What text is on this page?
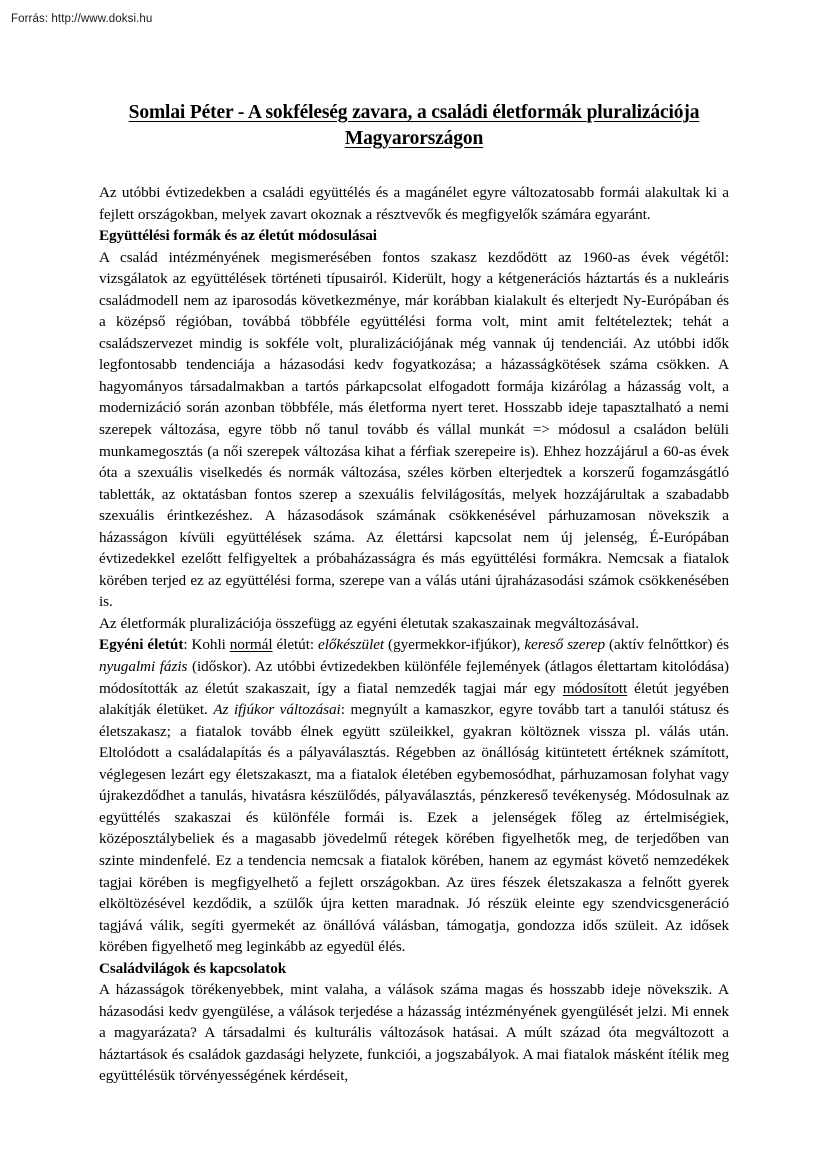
Forrás: http://www.doksi.hu
Somlai Péter - A sokféleség zavara, a családi életformák pluralizációja Magyarországon

Az utóbbi évtizedekben a családi együttélés és a magánélet egyre változatosabb formái alakultak ki a fejlett országokban, melyek zavart okoznak a résztvevők és megfigyelők számára egyaránt.

Együttélési formák és az életút módosulásai

A család intézményének megismerésében fontos szakasz kezdődött az 1960-as évek végétől: vizsgálatok az együttélések történeti típusairól. Kiderült, hogy a kétgenerációs háztartás és a nukleáris családmodell nem az iparosodás következménye, már korábban kialakult és elterjedt Ny-Európában és a középső régióban, továbbá többféle együttélési forma volt, mint amit feltételeztek; tehát a családszervezet mindig is sokféle volt, pluralizációjának még vannak új tendenciái. Az utóbbi idők legfontosabb tendenciája a házasodási kedv fogyatkozása; a házasságkötések száma csökken. A hagyományos társadalmakban a tartós párkapcsolat elfogadott formája kizárólag a házasság volt, a modernizáció során azonban többféle, más életforma nyert teret. Hosszabb ideje tapasztalható a nemi szerepek változása, egyre több nő tanul tovább és vállal munkát => módosul a családon belüli munkamegosztás (a női szerepek változása kihat a férfiak szerepeire is). Ehhez hozzájárul a 60-as évek óta a szexuális viselkedés és normák változása, széles körben elterjedtek a korszerű fogamzásgátló tabletták, az oktatásban fontos szerep a szexuális felvilágosítás, melyek hozzájárultak a szabadabb szexuális érintkezéshez. A házasodások számának csökkenésével párhuzamosan növekszik a házasságon kívüli együttélések száma. Az élettársi kapcsolat nem új jelenség, É-Európában évtizedekkel ezelőtt felfigyeltek a próbaházasságra és más együttélési formákra. Nemcsak a fiatalok körében terjed ez az együttélési forma, szerepe van a válás utáni újraházasodási számok csökkenésében is.

Az életformák pluralizációja összefügg az egyéni életutak szakaszainak megváltozásával.

Egyéni életút: Kohli normál életút: előkészület (gyermekkor-ifjúkor), kereső szerep (aktív felnőttkor) és nyugalmi fázis (időskor). Az utóbbi évtizedekben különféle fejlemények (átlagos élettartam kitolódása) módosították az életút szakaszait, így a fiatal nemzedék tagjai már egy módosított életút jegyében alakítják életüket. Az ifjúkor változásai: megnyúlt a kamaszkor, egyre tovább tart a tanulói státusz és életszakasz; a fiatalok tovább élnek együtt szüleikkel, gyakran költöznek vissza pl. válás után. Eltolódott a családalapítás és a pályaválasztás. Régebben az önállóság kitüntetett értéknek számított, véglegesen lezárt egy életszakaszt, ma a fiatalok életében egybemosódhat, párhuzamosan folyhat vagy újrakezdődhet a tanulás, hivatásra készülődés, pályaválasztás, pénzkereső tevékenység. Módosulnak az együttélés szakaszai és különféle formái is. Ezek a jelenségek főleg az értelmiségiek, középosztálybeliek és a magasabb jövedelmű rétegek körében figyelhetők meg, de terjedőben van szinte mindenfelé. Ez a tendencia nemcsak a fiatalok körében, hanem az egymást követő nemzedékek tagjai körében is megfigyelhető a fejlett országokban. Az üres fészek életszakasza a felnőtt gyerek elköltözésével kezdődik, a szülők újra ketten maradnak. Jó részük eleinte egy szendvicsgeneráció tagjává válik, segíti gyermekét az önállóvá válásban, támogatja, gondozza idős szüleit. Az idősek körében figyelhető meg leginkább az egyedül élés.

Családvilágok és kapcsolatok

A házasságok törékenyebbek, mint valaha, a válások száma magas és hosszabb ideje növekszik. A házasodási kedv gyengülése, a válások terjedése a házasság intézményének gyengülését jelzi. Mi ennek a magyarázata? A társadalmi és kulturális változások hatásai. A múlt század óta megváltozott a háztartások és családok gazdasági helyzete, funkciói, a jogszabályok. A mai fiatalok másként ítélik meg együttélésük törvényességének kérdéseit,
